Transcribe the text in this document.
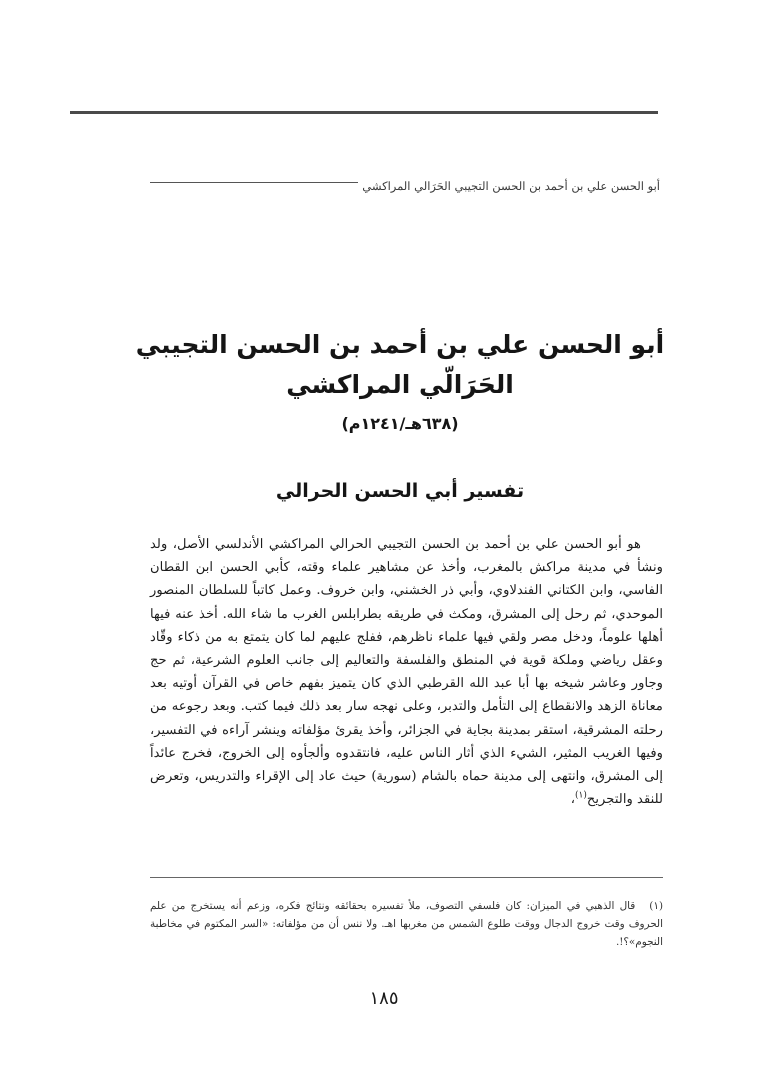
أبو الحسن علي بن أحمد بن الحسن التجيبي الحَرَالي المراكشي
أبو الحسن علي بن أحمد بن الحسن التجيبي
الحَرَالّي المراكشي
(٦٣٨هـ/١٢٤١م)
تفسير أبي الحسن الحرالي

هو أبو الحسن علي بن أحمد بن الحسن التجيبي الحرالي المراكشي الأندلسي الأصل، ولد ونشأ في مدينة مراكش بالمغرب، وأخذ عن مشاهير علماء وقته، كأبي الحسن ابن القطان الفاسي، وابن الكتاني الفندلاوي، وأبي ذر الخشني، وابن خروف. وعمل كاتباً للسلطان المنصور الموحدي، ثم رحل إلى المشرق، ومكث في طريقه بطرابلس الغرب ما شاء الله. أخذ عنه فيها أهلها علوماً، ودخل مصر ولقي فيها علماء ناظرهم، ففلج عليهم لما كان يتمتع به من ذكاء وقّاد وعقل رياضي وملكة قوية في المنطق والفلسفة والتعاليم إلى جانب العلوم الشرعية، ثم حج وجاور وعاشر شيخه بها أبا عبد الله القرطبي الذي كان يتميز بفهم خاص في القرآن أوتيه بعد معاناة الزهد والانقطاع إلى التأمل والتدبر، وعلى نهجه سار بعد ذلك فيما كتب. وبعد رجوعه من رحلته المشرقية، استقر بمدينة بجاية في الجزائر، وأخذ يقرئ مؤلفاته وينشر آراءه في التفسير، وفيها الغريب المثير، الشيء الذي أثار الناس عليه، فانتقدوه وألجأوه إلى الخروج، فخرج عائداً إلى المشرق، وانتهى إلى مدينة حماه بالشام (سورية) حيث عاد إلى الإقراء والتدريس، وتعرض للنقد والتجريح$^{(١)}$،

(١)قال الذهبي في الميزان: كان فلسفي التصوف، ملأ تفسيره بحقائقه ونتائج فكره، وزعم أنه يستخرج من علم الحروف وقت خروج الدجال ووقت طلوع الشمس من مغربها اهـ. ولا ننس أن من مؤلفاته: «السر المكتوم في مخاطبة النجوم»؟!.
١٨٥
